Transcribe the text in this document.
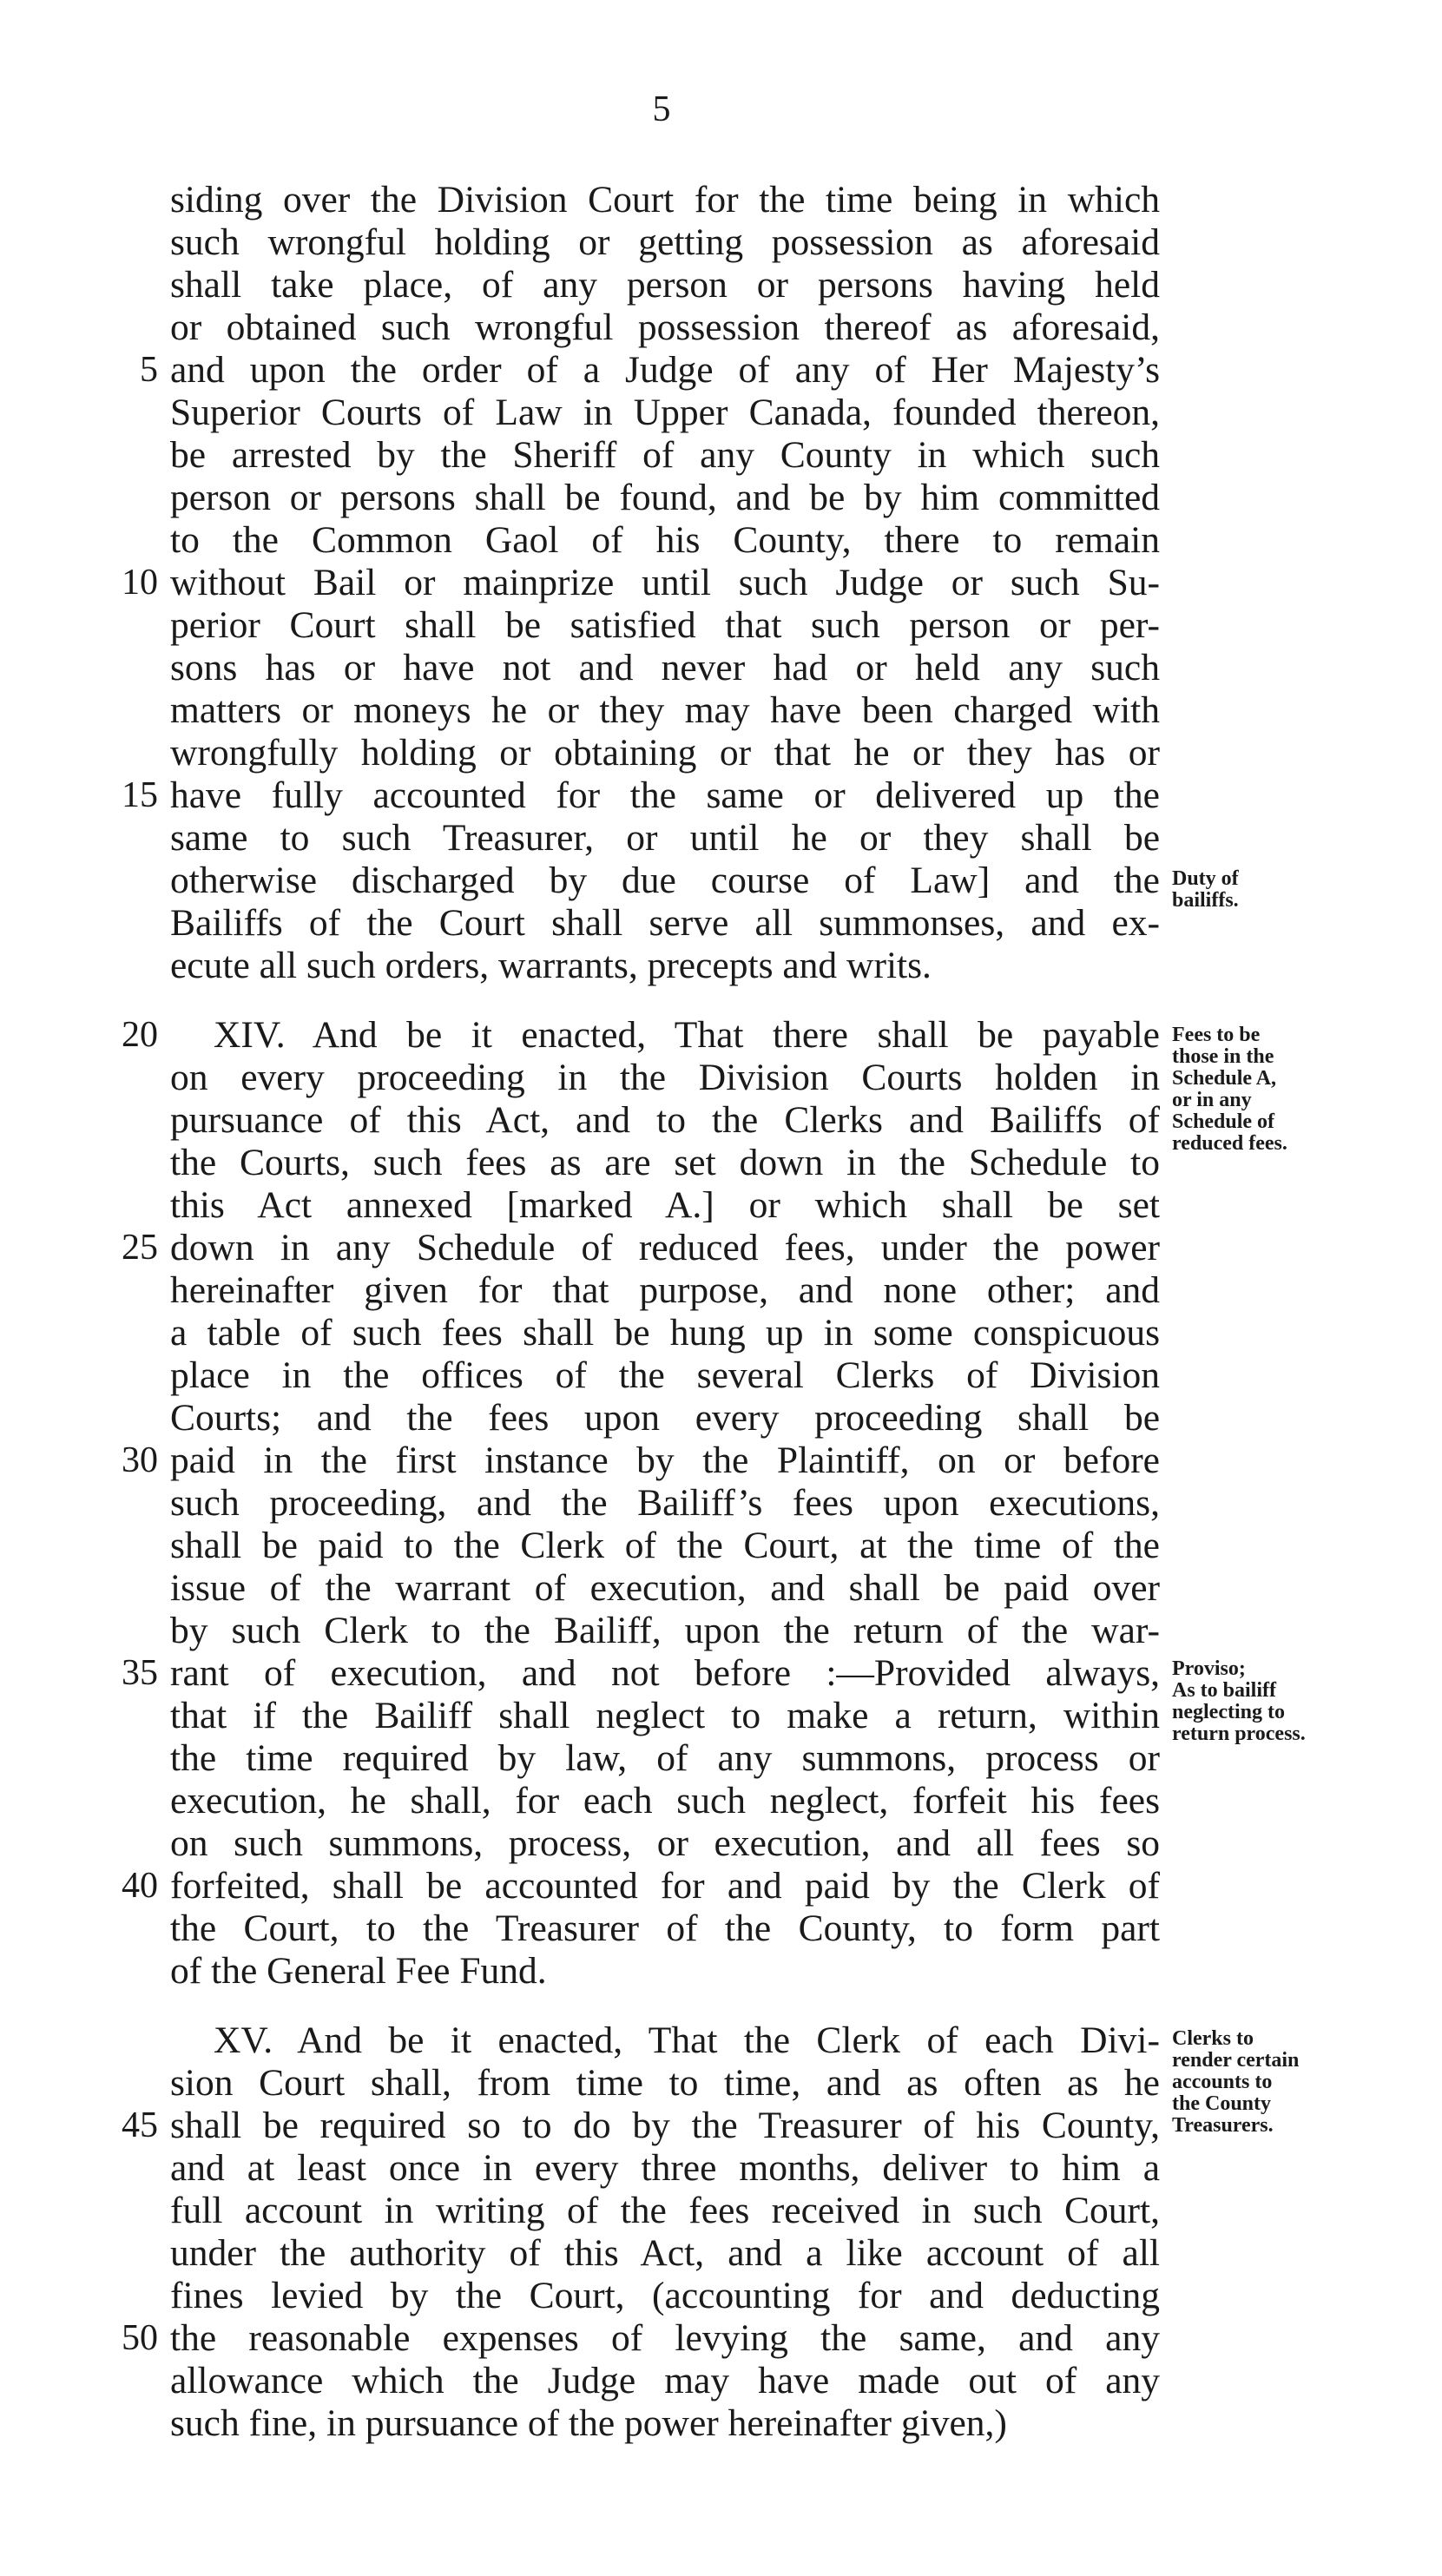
5
siding over the Division Court for the time being in which
such wrongful holding or getting possession as aforesaid
shall take place, of any person or persons having held
or obtained such wrongful possession thereof as aforesaid,
5 and upon the order of a Judge of any of Her Majesty’s
Superior Courts of Law in Upper Canada, founded thereon,
be arrested by the Sheriff of any County in which such
person or persons shall be found, and be by him committed
to the Common Gaol of his County, there to remain
10 without Bail or mainprize until such Judge or such Su-
perior Court shall be satisfied that such person or per-
sons has or have not and never had or held any such
matters or moneys he or they may have been charged with
wrongfully holding or obtaining or that he or they has or
15 have fully accounted for the same or delivered up the
same to such Treasurer, or until he or they shall be
otherwise discharged by due course of Law] and the
Bailiffs of the Court shall serve all summonses, and ex-
ecute all such orders, warrants, precepts and writs.
20 XIV. And be it enacted, That there shall be payable
on every proceeding in the Division Courts holden in
pursuance of this Act, and to the Clerks and Bailiffs of
the Courts, such fees as are set down in the Schedule to
this Act annexed [marked A.] or which shall be set
25 down in any Schedule of reduced fees, under the power
hereinafter given for that purpose, and none other; and
a table of such fees shall be hung up in some conspicuous
place in the offices of the several Clerks of Division
Courts; and the fees upon every proceeding shall be
30 paid in the first instance by the Plaintiff, on or before
such proceeding, and the Bailiff’s fees upon executions,
shall be paid to the Clerk of the Court, at the time of the
issue of the warrant of execution, and shall be paid over
by such Clerk to the Bailiff, upon the return of the war-
35 rant of execution, and not before :—Provided always,
that if the Bailiff shall neglect to make a return, within
the time required by law, of any summons, process or
execution, he shall, for each such neglect, forfeit his fees
on such summons, process, or execution, and all fees so
40 forfeited, shall be accounted for and paid by the Clerk of
the Court, to the Treasurer of the County, to form part
of the General Fee Fund.
XV. And be it enacted, That the Clerk of each Divi-
sion Court shall, from time to time, and as often as he
45 shall be required so to do by the Treasurer of his County,
and at least once in every three months, deliver to him a
full account in writing of the fees received in such Court,
under the authority of this Act, and a like account of all
fines levied by the Court, (accounting for and deducting
50 the reasonable expenses of levying the same, and any
allowance which the Judge may have made out of any
such fine, in pursuance of the power hereinafter given,)
Duty of
bailiffs.
Fees to be
those in the
Schedule A,
or in any
Schedule of
reduced fees.
Proviso;
As to bailiff
neglecting to
return process.
Clerks to
render certain
accounts to
the County
Treasurers.
